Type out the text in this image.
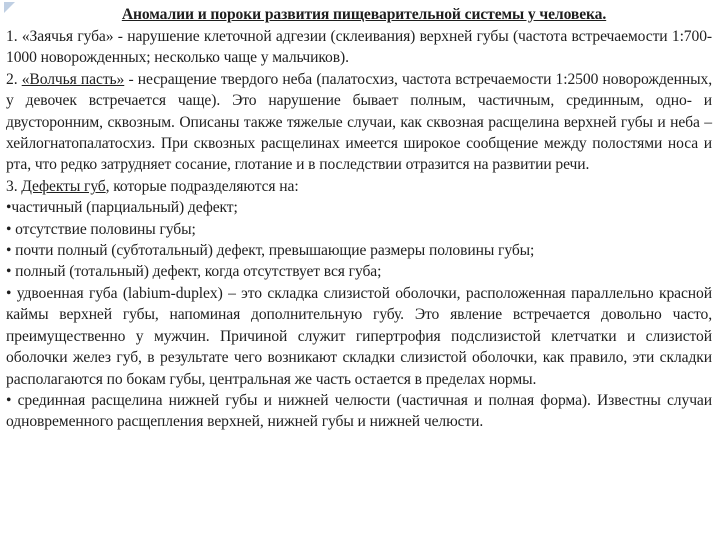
Аномалии и пороки развития пищеварительной системы у человека.

1. «Заячья губа» - нарушение клеточной адгезии (склеивания) верхней губы (частота встречаемости 1:700-1000 новорожденных; несколько чаще у мальчиков).

2. «Волчья пасть» - несращение твердого неба (палатосхиз, частота встречаемости 1:2500 новорожденных, у девочек встречается чаще). Это нарушение бывает полным, частичным, срединным, одно- и двусторонним, сквозным. Описаны также тяжелые случаи, как сквозная расщелина верхней губы и неба – хейлогнатопалатосхиз. При сквозных расщелинах имеется широкое сообщение между полостями носа и рта, что редко затрудняет сосание, глотание и в последствии отразится на развитии речи.

3. Дефекты губ, которые подразделяются на:

•частичный (парциальный) дефект;

• отсутствие половины губы;

• почти полный (субтотальный) дефект, превышающие размеры половины губы;

• полный (тотальный) дефект, когда отсутствует вся губа;

• удвоенная губа (labium-duplex) – это складка слизистой оболочки, расположенная параллельно красной каймы верхней губы, напоминая дополнительную губу. Это явление встречается довольно часто, преимущественно у мужчин. Причиной служит гипертрофия подслизистой клетчатки и слизистой оболочки желез губ, в результате чего возникают складки слизистой оболочки, как правило, эти складки располагаются по бокам губы, центральная же часть остается в пределах нормы.

• срединная расщелина нижней губы и нижней челюсти (частичная и полная форма). Известны случаи одновременного расщепления верхней, нижней губы и нижней челюсти.
